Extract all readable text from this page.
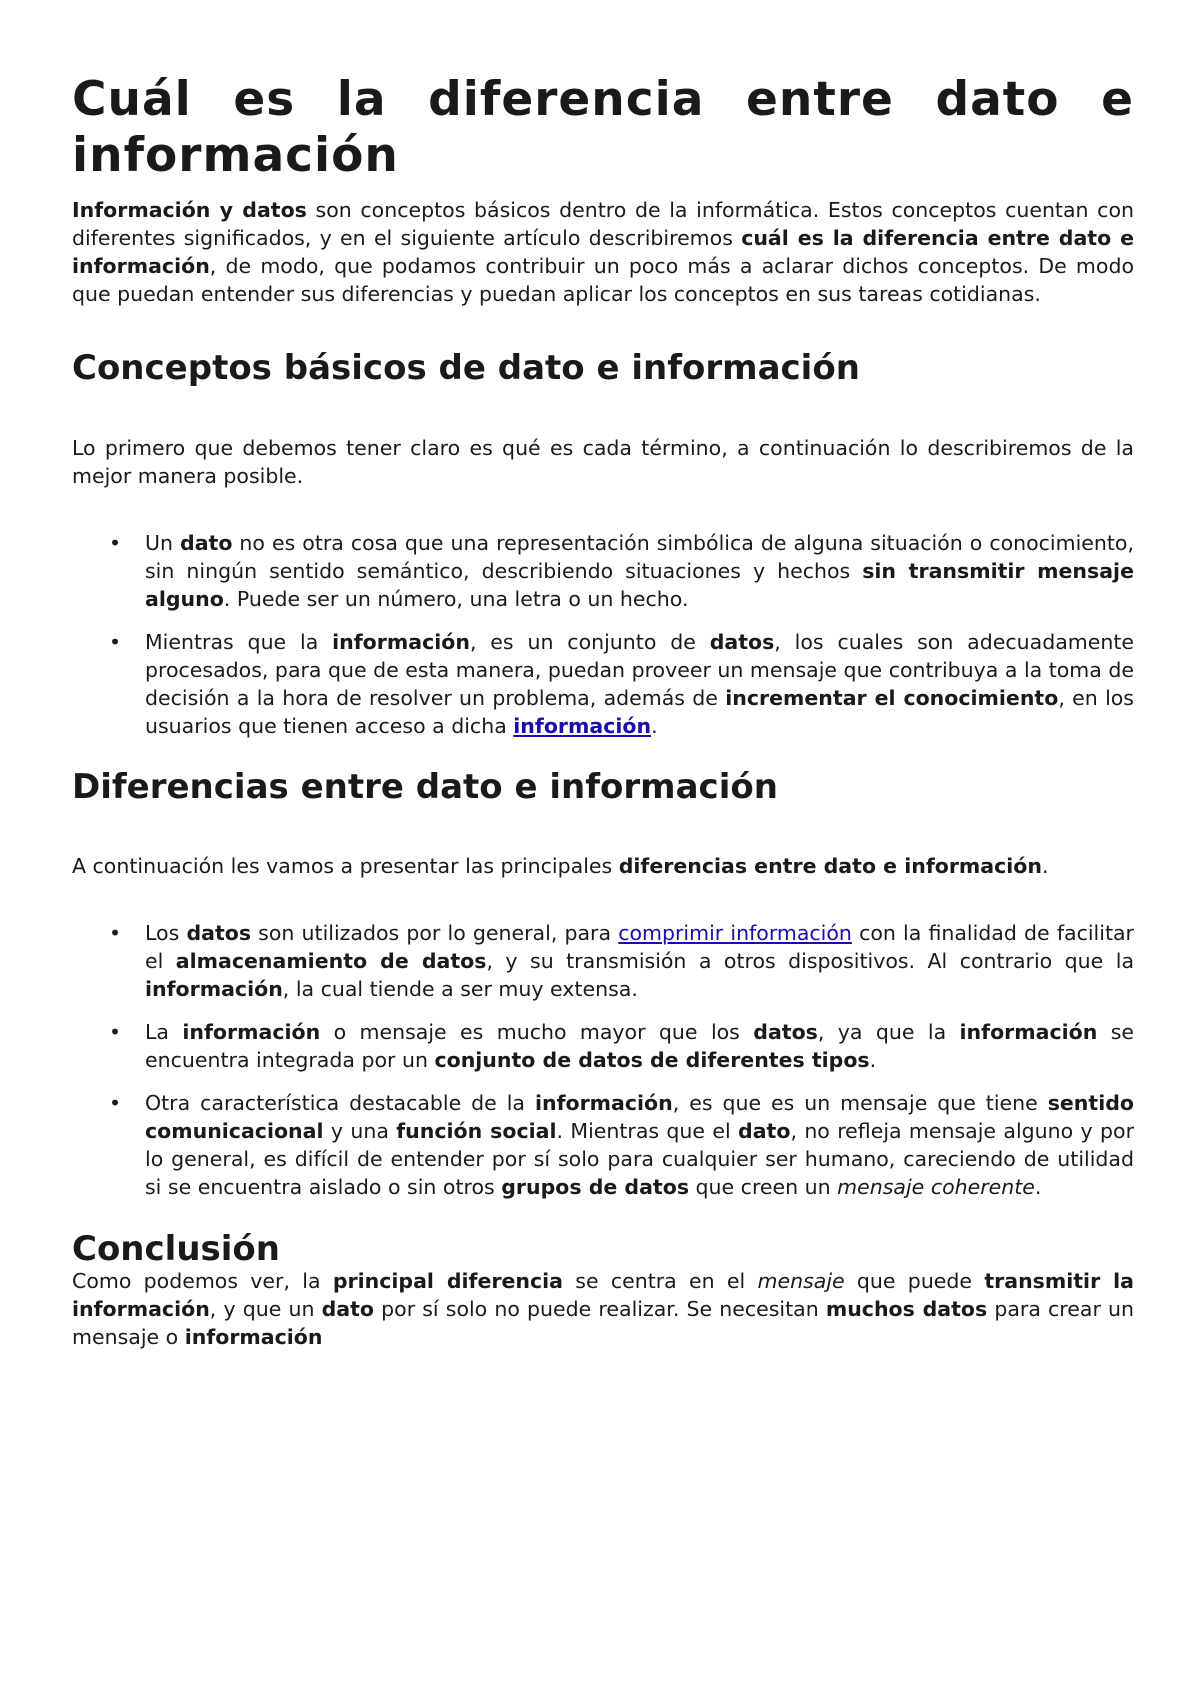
Cuál es la diferencia entre dato e información

Información y datos son conceptos básicos dentro de la informática. Estos conceptos cuentan con diferentes significados, y en el siguiente artículo describiremos cuál es la diferencia entre dato e información, de modo, que podamos contribuir un poco más a aclarar dichos conceptos. De modo que puedan entender sus diferencias y puedan aplicar los conceptos en sus tareas cotidianas.

Conceptos básicos de dato e información

Lo primero que debemos tener claro es qué es cada término, a continuación lo describiremos de la mejor manera posible.

• Un dato no es otra cosa que una representación simbólica de alguna situación o conocimiento, sin ningún sentido semántico, describiendo situaciones y hechos sin transmitir mensaje alguno. Puede ser un número, una letra o un hecho.
• Mientras que la información, es un conjunto de datos, los cuales son adecuadamente procesados, para que de esta manera, puedan proveer un mensaje que contribuya a la toma de decisión a la hora de resolver un problema, además de incrementar el conocimiento, en los usuarios que tienen acceso a dicha información.
Diferencias entre dato e información

A continuación les vamos a presentar las principales diferencias entre dato e información.

• Los datos son utilizados por lo general, para comprimir información con la finalidad de facilitar el almacenamiento de datos, y su transmisión a otros dispositivos. Al contrario que la información, la cual tiende a ser muy extensa.
• La información o mensaje es mucho mayor que los datos, ya que la información se encuentra integrada por un conjunto de datos de diferentes tipos.
• Otra característica destacable de la información, es que es un mensaje que tiene sentido comunicacional y una función social. Mientras que el dato, no refleja mensaje alguno y por lo general, es difícil de entender por sí solo para cualquier ser humano, careciendo de utilidad si se encuentra aislado o sin otros grupos de datos que creen un mensaje coherente.
Conclusión

Como podemos ver, la principal diferencia se centra en el mensaje que puede transmitir la información, y que un dato por sí solo no puede realizar. Se necesitan muchos datos para crear un mensaje o información
